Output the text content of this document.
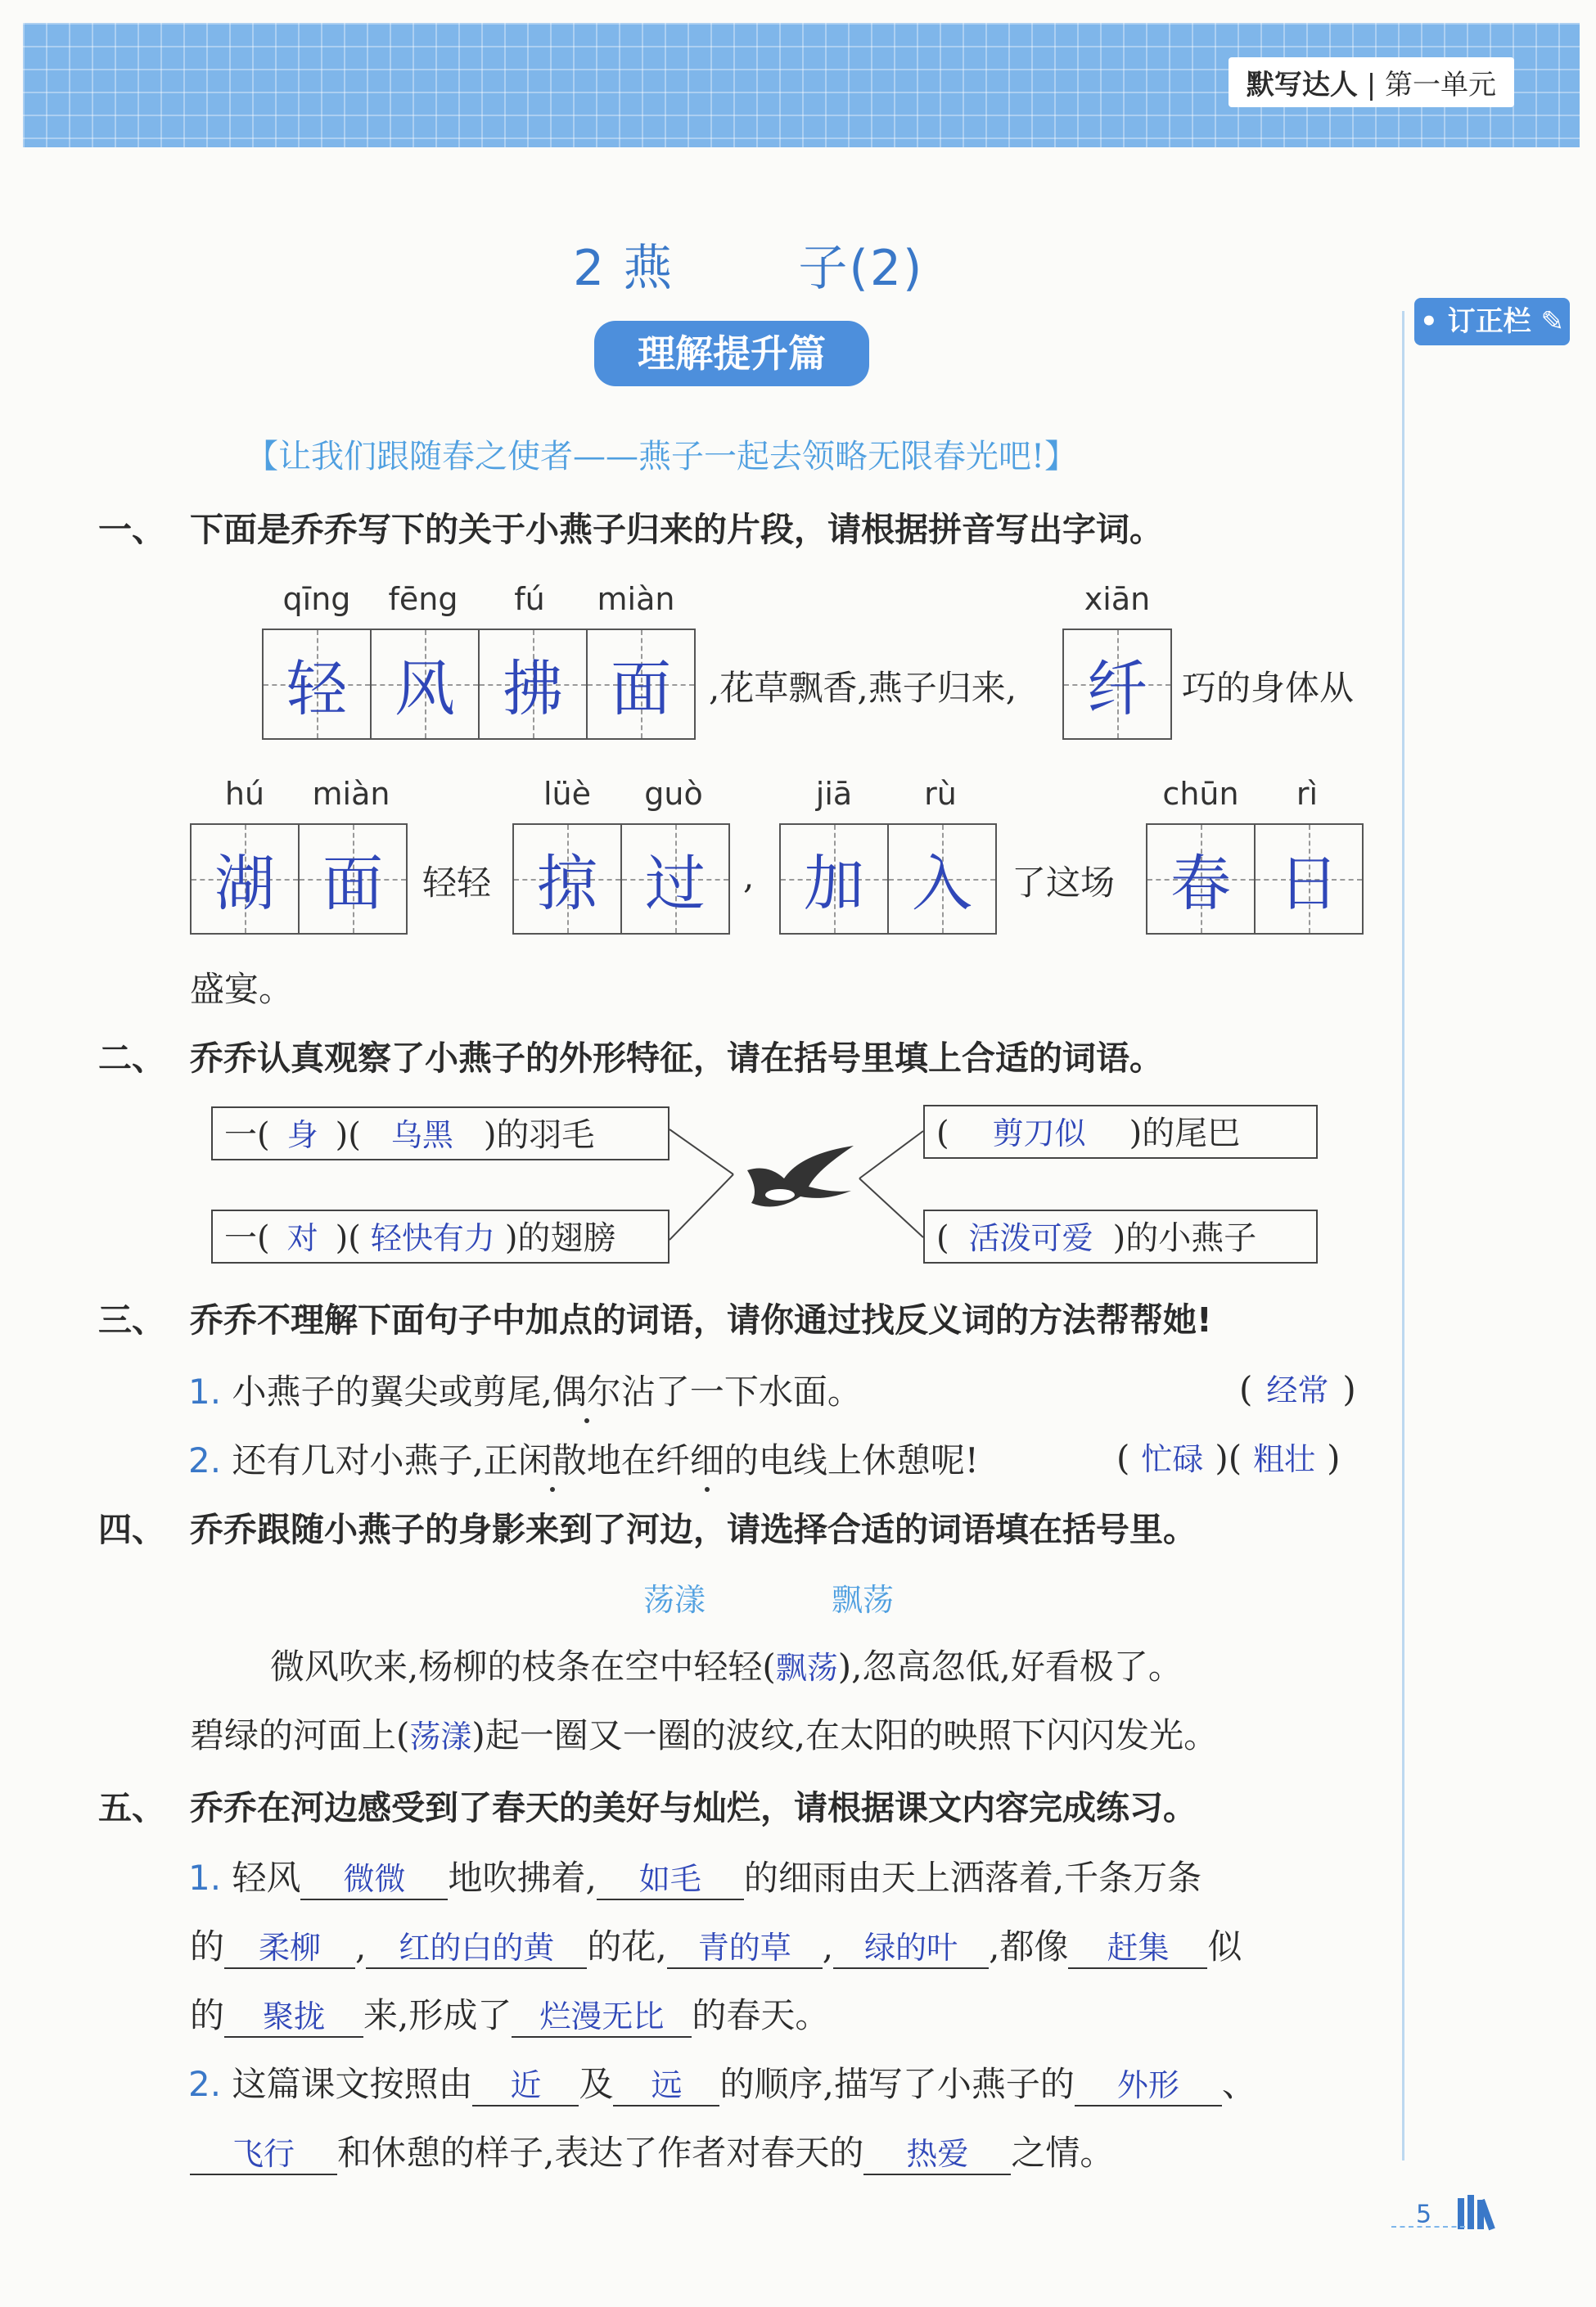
默写达人 | 第一单元
• 订正栏 ✎
2 燕	子(2)
理解提升篇
【让我们跟随春之使者——燕子一起去领略无限春光吧!】
一、 下面是乔乔写下的关于小燕子归来的片段，请根据拼音写出字词。
qīng	fēng	fú	miàn
轻 风 拂 面	,花草飘香,燕子归来,
xiān
纤	巧的身体从
hú	miàn
湖 面	轻轻
lüè	guò
掠 过	,
jiā	rù
加 入	了这场
chūn	rì
春 日
盛宴。
二、 乔乔认真观察了小燕子的外形特征，请在括号里填上合适的词语。
一( 身 )( 乌黑 )的羽毛
一( 对 )( 轻快有力 )的翅膀
( 剪刀似 )的尾巴
( 活泼可爱 )的小燕子
三、 乔乔不理解下面句子中加点的词语，请你通过找反义词的方法帮帮她!
1. 小燕子的翼尖或剪尾,偶尔沾了一下水面。	( 经常 )
2. 还有几对小燕子,正闲散地在纤细的电线上休憩呢!	( 忙碌 )( 粗壮 )
四、 乔乔跟随小燕子的身影来到了河边，请选择合适的词语填在括号里。
荡漾	飘荡
微风吹来,杨柳的枝条在空中轻轻(飘荡),忽高忽低,好看极了。
碧绿的河面上(荡漾)起一圈又一圈的波纹,在太阳的映照下闪闪发光。
五、 乔乔在河边感受到了春天的美好与灿烂，请根据课文内容完成练习。
1. 轻风 微微 地吹拂着, 如毛 的细雨由天上洒落着,千条万条
的 柔柳 , 红的白的黄 的花, 青的草 , 绿的叶 ,都像 赶集 似
的 聚拢 来,形成了 烂漫无比 的春天。
2. 这篇课文按照由 近 及 远 的顺序,描写了小燕子的 外形 、
飞行 和休憩的样子,表达了作者对春天的 热爱 之情。
5
